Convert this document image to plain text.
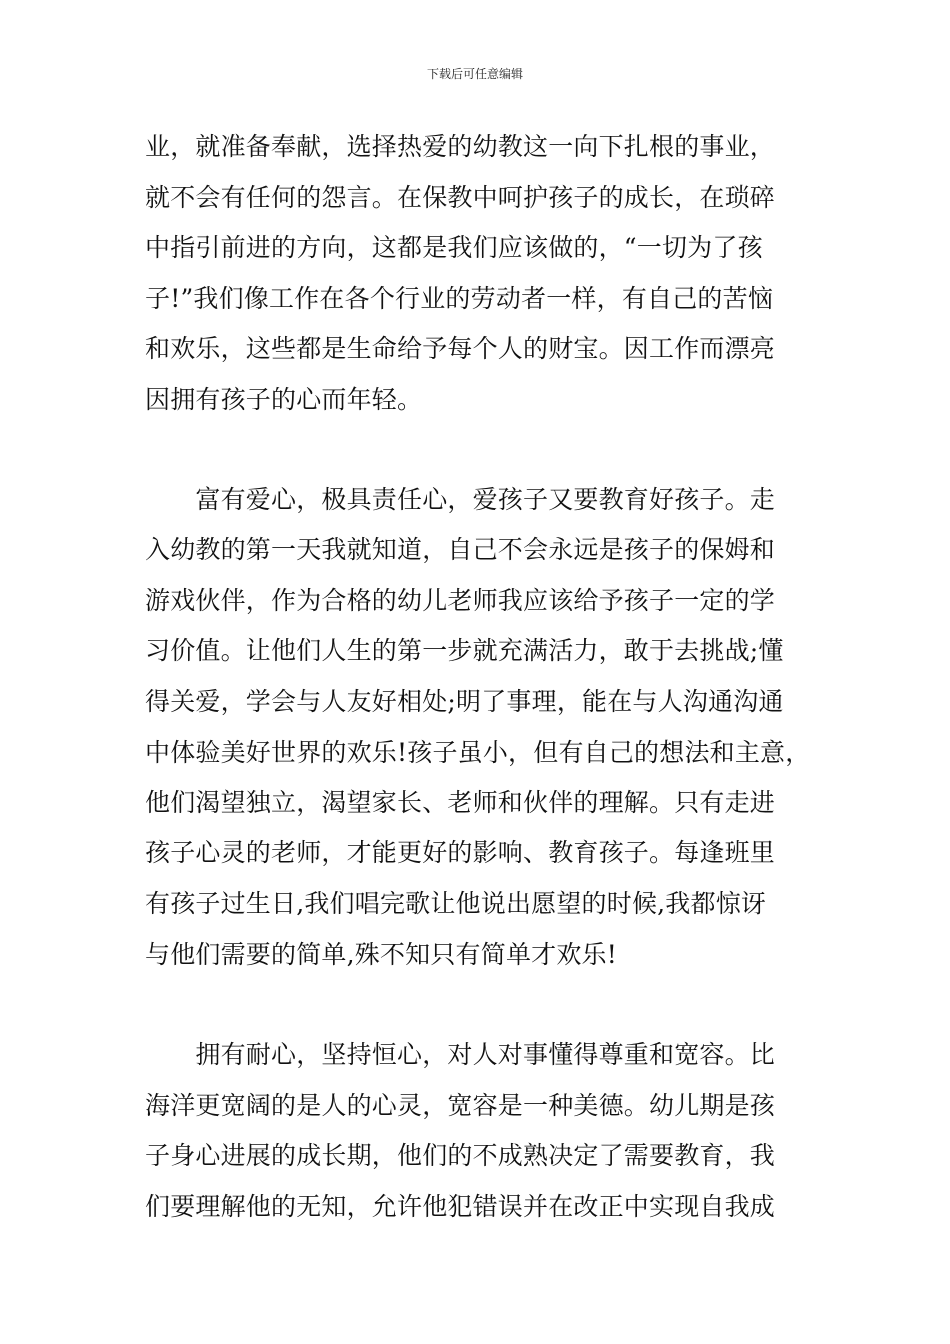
下载后可任意编辑
业，就准备奉献，选择热爱的幼教这一向下扎根的事业，
就不会有任何的怨言。在保教中呵护孩子的成长，在琐碎
中指引前进的方向，这都是我们应该做的，“一切为了孩
子!”我们像工作在各个行业的劳动者一样，有自己的苦恼
和欢乐，这些都是生命给予每个人的财宝。因工作而漂亮
因拥有孩子的心而年轻。
　　富有爱心，极具责任心，爱孩子又要教育好孩子。走
入幼教的第一天我就知道，自己不会永远是孩子的保姆和
游戏伙伴，作为合格的幼儿老师我应该给予孩子一定的学
习价值。让他们人生的第一步就充满活力，敢于去挑战;懂
得关爱，学会与人友好相处;明了事理，能在与人沟通沟通
中体验美好世界的欢乐!孩子虽小，但有自己的想法和主意，
他们渴望独立，渴望家长、老师和伙伴的理解。只有走进
孩子心灵的老师，才能更好的影响、教育孩子。每逢班里
有孩子过生日,我们唱完歌让他说出愿望的时候,我都惊讶
与他们需要的简单,殊不知只有简单才欢乐!
　　拥有耐心，坚持恒心，对人对事懂得尊重和宽容。比
海洋更宽阔的是人的心灵，宽容是一种美德。幼儿期是孩
子身心进展的成长期，他们的不成熟决定了需要教育，我
们要理解他的无知，允许他犯错误并在改正中实现自我成
